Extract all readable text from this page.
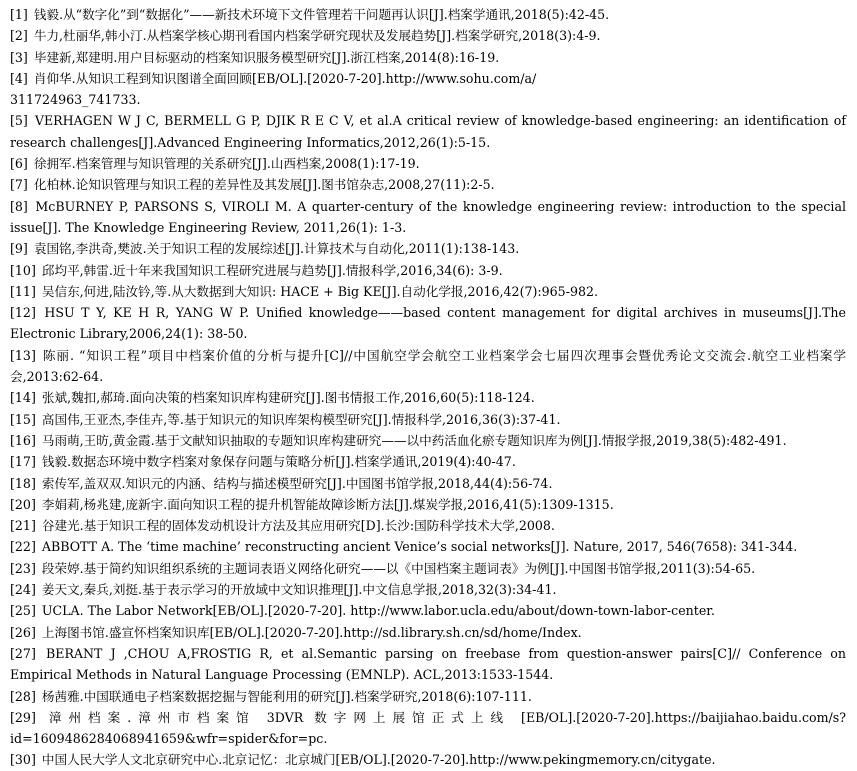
[1] 钱毅.从“数字化”到“数据化”——新技术环境下文件管理若干问题再认识[J].档案学通讯,2018(5):42-45.

[2] 牛力,杜丽华,韩小汀.从档案学核心期刊看国内档案学研究现状及发展趋势[J].档案学研究,2018(3):4-9.

[3] 毕建新,郑建明.用户目标驱动的档案知识服务模型研究[J].浙江档案,2014(8):16-19.

[4] 肖仰华.从知识工程到知识图谱全面回顾[EB/OL].[2020-7-20].http://www.sohu.com/a/
311724963_741733.

[5] VERHAGEN W J C, BERMELL G P, DJIK R E C V, et al.A critical review of knowledge-based engineering: an identification of research challenges[J].Advanced Engineering Informatics,2012,26(1):5-15.

[6] 徐拥军.档案管理与知识管理的关系研究[J].山西档案,2008(1):17-19.

[7] 化柏林.论知识管理与知识工程的差异性及其发展[J].图书馆杂志,2008,27(11):2-5.

[8] McBURNEY P, PARSONS S, VIROLI M. A quarter-century of the knowledge engineering review: introduction to the special issue[J]. The Knowledge Engineering Review, 2011,26(1): 1-3.

[9] 袁国铭,李洪奇,樊波.关于知识工程的发展综述[J].计算技术与自动化,2011(1):138-143.

[10] 邱均平,韩雷.近十年来我国知识工程研究进展与趋势[J].情报科学,2016,34(6): 3-9.

[11] 吴信东,何进,陆汝钤,等.从大数据到大知识: HACE + Big KE[J].自动化学报,2016,42(7):965-982.

[12] HSU T Y, KE H R, YANG W P. Unified knowledge——based content management for digital archives in museums[J].The Electronic Library,2006,24(1): 38-50.

[13] 陈丽. “知识工程”项目中档案价值的分析与提升[C]//中国航空学会航空工业档案学会七届四次理事会暨优秀论文交流会.航空工业档案学会,2013:62-64.

[14] 张斌,魏扣,郝琦.面向决策的档案知识库构建研究[J].图书情报工作,2016,60(5):118-124.

[15] 高国伟,王亚杰,李佳卉,等.基于知识元的知识库架构模型研究[J].情报科学,2016,36(3):37-41.

[16] 马雨萌,王昉,黄金霞.基于文献知识抽取的专题知识库构建研究——以中药活血化瘀专题知识库为例[J].情报学报,2019,38(5):482-491.

[17] 钱毅.数据态环境中数字档案对象保存问题与策略分析[J].档案学通讯,2019(4):40-47.

[18] 索传军,盖双双.知识元的内涵、结构与描述模型研究[J].中国图书馆学报,2018,44(4):56-74.

[20] 李娟莉,杨兆建,庞新宇.面向知识工程的提升机智能故障诊断方法[J].煤炭学报,2016,41(5):1309-1315.

[21] 谷建光.基于知识工程的固体发动机设计方法及其应用研究[D].长沙:国防科学技术大学,2008.

[22] ABBOTT A. The ‘time machine’ reconstructing ancient Venice’s social networks[J]. Nature, 2017, 546(7658): 341-344.

[23] 段荣婷.基于简约知识组织系统的主题词表语义网络化研究——以《中国档案主题词表》为例[J].中国图书馆学报,2011(3):54-65.

[24] 姜天文,秦兵,刘挺.基于表示学习的开放域中文知识推理[J].中文信息学报,2018,32(3):34-41.

[25] UCLA. The Labor Network[EB/OL].[2020-7-20]. http://www.labor.ucla.edu/about/down-town-labor-center.

[26] 上海图书馆.盛宣怀档案知识库[EB/OL].[2020-7-20].http://sd.library.sh.cn/sd/home/Index.

[27] BERANT J ,CHOU A,FROSTIG R, et al.Semantic parsing on freebase from question-answer pairs[C]// Conference on Empirical Methods in Natural Language Processing (EMNLP). ACL,2013:1533-1544.

[28] 杨茜雅.中国联通电子档案数据挖掘与智能利用的研究[J].档案学研究,2018(6):107-111.

[29] 漳州档案.漳州市档案馆 3DVR 数字网上展馆正式上线 [EB/OL].[2020-7-20].https://baijiahao.baidu.com/s?id=1609486284068941659&wfr=spider&for=pc.

[30] 中国人民大学人文北京研究中心.北京记忆：北京城门[EB/OL].[2020-7-20].http://www.pekingmemory.cn/citygate.
